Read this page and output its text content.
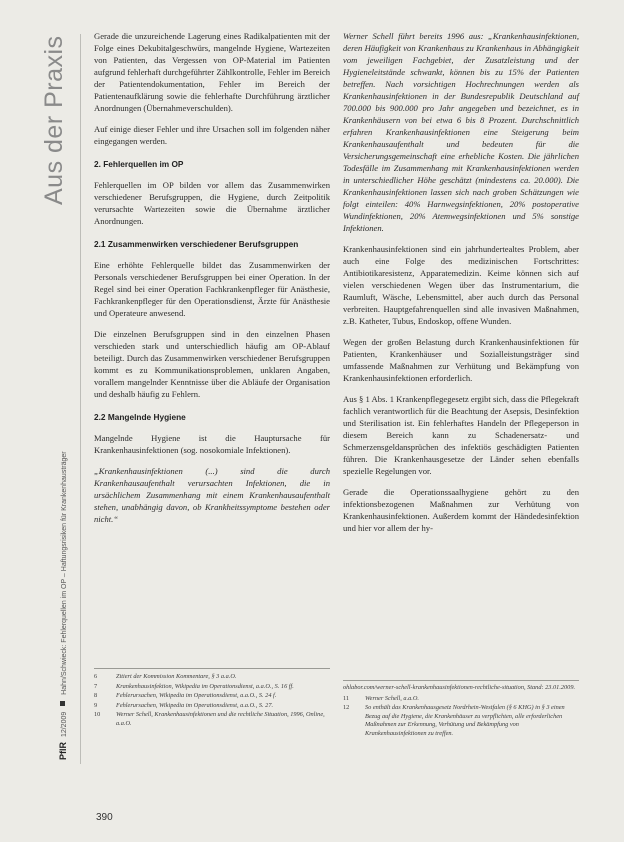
Aus der Praxis
PflR 12/2009  Hahn/Schwieck: Fehlerquellen im OP – Haftungsrisiken für Krankenhausträger

Gerade die unzureichende Lagerung eines Radikalpatienten mit der Folge eines Dekubitalgeschwürs, mangelnde Hygiene, Wartezeiten von Patienten, das Vergessen von OP-Material im Patienten aufgrund fehlerhaft durchgeführter Zählkontrolle, Fehler im Bereich der Patientendokumentation, Fehler im Bereich der Patientenaufklärung sowie die fehlerhafte Durchführung ärztlicher Anordnungen (Übernahmeverschulden).

Auf einige dieser Fehler und ihre Ursachen soll im folgenden näher eingegangen werden.

2. Fehlerquellen im OP

Fehlerquellen im OP bilden vor allem das Zusammenwirken verschiedener Berufsgruppen, die Hygiene, durch Zeitpolitik verursachte Wartezeiten sowie die Übernahme ärztlicher Anordnungen.

2.1 Zusammenwirken verschiedener Berufsgruppen

Eine erhöhte Fehlerquelle bildet das Zusammenwirken der Personals verschiedener Berufsgruppen bei einer Operation. In der Regel sind bei einer Operation Fachkrankenpfleger für Anästhesie, Fachkrankenpfleger für den Operationsdienst, Ärzte für Anästhesie und Operateure anwesend.

Die einzelnen Berufsgruppen sind in den einzelnen Phasen verschieden stark und unterschiedlich häufig am OP-Ablauf beteiligt. Durch das Zusammenwirken verschiedener Berufsgruppen kommt es zu Kommunikationsproblemen, unklaren Angaben, vorallem mangelnder Kenntnisse über die Abläufe der Organisation und deshalb häufig zu Fehlern.

2.2 Mangelnde Hygiene

Mangelnde Hygiene ist die Hauptursache für Krankenhausinfektionen (sog. nosokomiale Infektionen).

„Krankenhausinfektionen (...) sind die durch Krankenhausaufenthalt verursachten Infektionen, die in ursächlichem Zusammenhang mit einem Krankenhausaufenthalt stehen, unabhängig davon, ob Krankheitssymptome bestehen oder nicht.“

Werner Schell führt bereits 1996 aus: „Krankenhausinfektionen, deren Häufigkeit von Krankenhaus zu Krankenhaus in Abhängigkeit vom jeweiligen Fachgebiet, der Zusatzleistung und der Hygieneleitstände schwankt, können bis zu 15% der Patienten betreffen. Nach vorsichtigen Hochrechnungen werden als Krankenhausinfektionen in der Bundesrepublik Deutschland auf 700.000 bis 900.000 pro Jahr angegeben und bezeichnet, es in Krankenhäusern von bei etwa 6 bis 8 Prozent. Durchschnittlich erfahren Krankenhausinfektionen eine Steigerung beim Krankenhausaufenthalt und bedeuten für die Versicherungsgemeinschaft eine erhebliche Kosten. Die jährlichen Todesfälle im Zusammenhang mit Krankenhausinfektionen werden in unterschiedlicher Höhe geschätzt (mindestens ca. 20.000). Die Krankenhausinfektionen lassen sich nach groben Schätzungen wie folgt einteilen: 40% Harnwegsinfektionen, 20% postoperative Wundinfektionen, 20% Atemwegsinfektionen und 5% sonstige Infektionen.

Krankenhausinfektionen sind ein jahrhundertealtes Problem, aber auch eine Folge des medizinischen Fortschrittes: Antibiotikaresistenz, Apparatemedizin. Keime können sich auf vielen verschiedenen Wegen über das Instrumentarium, die Raumluft, Wäsche, Lebensmittel, aber auch durch das Personal verbreiten. Hauptgefahrenquellen sind alle invasiven Maßnahmen, z.B. Katheter, Tubus, Endoskop, offene Wunden.

Wegen der großen Belastung durch Krankenhausinfektionen für Patienten, Krankenhäuser und Sozialleistungsträger sind umfassende Maßnahmen zur Verhütung und Bekämpfung von Krankenhausinfektionen erforderlich.

Aus § 1 Abs. 1 Krankenpflegegesetz ergibt sich, dass die Pflegekraft fachlich verantwortlich für die Beachtung der Asepsis, Desinfektion und Sterilisation ist. Ein fehlerhaftes Handeln der Pflegeperson in diesem Bereich kann zu Schadenersatz- und Schmerzensgeldansprüchen des infektiös geschädigten Patienten führen. Die Krankenhausgesetze der Länder sehen ebenfalls spezielle Regelungen vor.

Gerade die Operationssaalhygiene gehört zu den infektionsbezogenen Maßnahmen zur Verhütung von Krankenhausinfektionen. Außerdem kommt der Händedesinfektion und hier vor allem der hy-

6	Zitiert der Kommission Kommentare, § 3 a.a.O.
7	Krankenhausinfektion, Wikipedia im Operationsdienst, a.a.O., S. 16 ff.
8	Fehlerursachen, Wikipedia im Operationsdienst, a.a.O., S. 24 f.
9	Fehlerursachen, Wikipedia im Operationsdienst, a.a.O., S. 27.
10	Werner Schell, Krankenhausinfektionen und die rechtliche Situation, 1996, Online, a.a.O.
ohlabor.com/werner-schell-krankenhausinfektionen-rechtliche-situation, Stand: 23.01.2009.
11	Werner Schell, a.a.O.
12	So enthält das Krankenhausgesetz Nordrhein-Westfalen (§ 6 KHG) in § 3 einen Bezug auf die Hygiene, die Krankenhäuser zu verpflichten, alle erforderlichen Maßnahmen zur Erkennung, Verhütung und Bekämpfung von Krankenhausinfektionen zu treffen.
390
